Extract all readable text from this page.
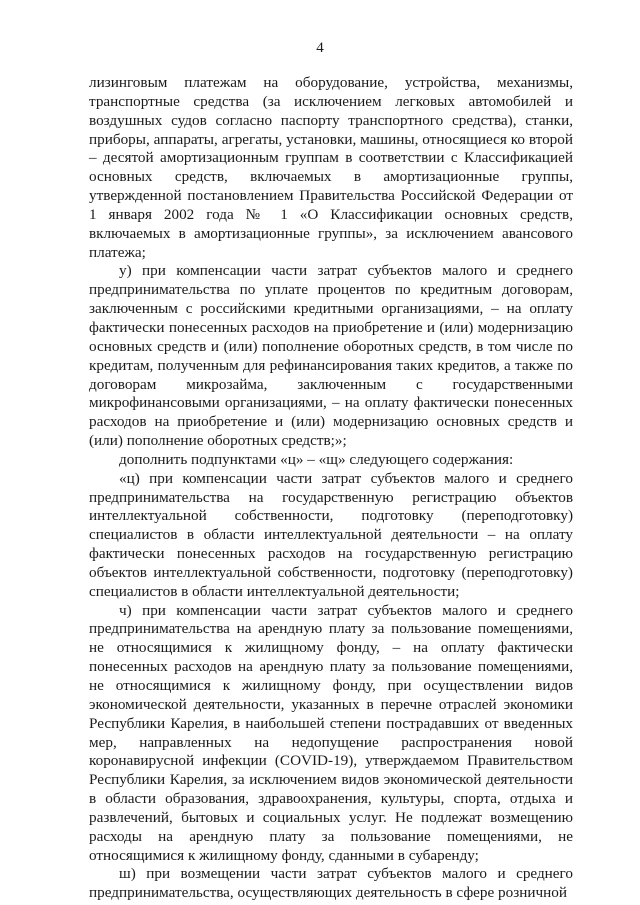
4

лизинговым платежам на оборудование, устройства, механизмы, транспортные средства (за исключением легковых автомобилей и воздушных судов согласно паспорту транспортного средства), станки, приборы, аппараты, агрегаты, установки, машины, относящиеся ко второй – десятой амортизационным группам в соответствии с Классификацией основных средств, включаемых в амортизационные группы, утвержденной постановлением Правительства Российской Федерации от 1 января 2002 года № 1 «О Классификации основных средств, включаемых в амортизационные группы», за исключением авансового платежа;

у) при компенсации части затрат субъектов малого и среднего предпринимательства по уплате процентов по кредитным договорам, заключенным с российскими кредитными организациями, – на оплату фактически понесенных расходов на приобретение и (или) модернизацию основных средств и (или) пополнение оборотных средств, в том числе по кредитам, полученным для рефинансирования таких кредитов, а также по договорам микрозайма, заключенным с государственными микрофинансовыми организациями, – на оплату фактически понесенных расходов на приобретение и (или) модернизацию основных средств и (или) пополнение оборотных средств;»;

дополнить подпунктами «ц» – «щ» следующего содержания:

«ц) при компенсации части затрат субъектов малого и среднего предпринимательства на государственную регистрацию объектов интеллектуальной собственности, подготовку (переподготовку) специалистов в области интеллектуальной деятельности – на оплату фактически понесенных расходов на государственную регистрацию объектов интеллектуальной собственности, подготовку (переподготовку) специалистов в области интеллектуальной деятельности;

ч) при компенсации части затрат субъектов малого и среднего предпринимательства на арендную плату за пользование помещениями, не относящимися к жилищному фонду, – на оплату фактически понесенных расходов на арендную плату за пользование помещениями, не относящимися к жилищному фонду, при осуществлении видов экономической деятельности, указанных в перечне отраслей экономики Республики Карелия, в наибольшей степени пострадавших от введенных мер, направленных на недопущение распространения новой коронавирусной инфекции (COVID-19), утверждаемом Правительством Республики Карелия, за исключением видов экономической деятельности в области образования, здравоохранения, культуры, спорта, отдыха и развлечений, бытовых и социальных услуг. Не подлежат возмещению расходы на арендную плату за пользование помещениями, не относящимися к жилищному фонду, сданными в субаренду;

ш) при возмещении части затрат субъектов малого и среднего предпринимательства, осуществляющих деятельность в сфере розничной
